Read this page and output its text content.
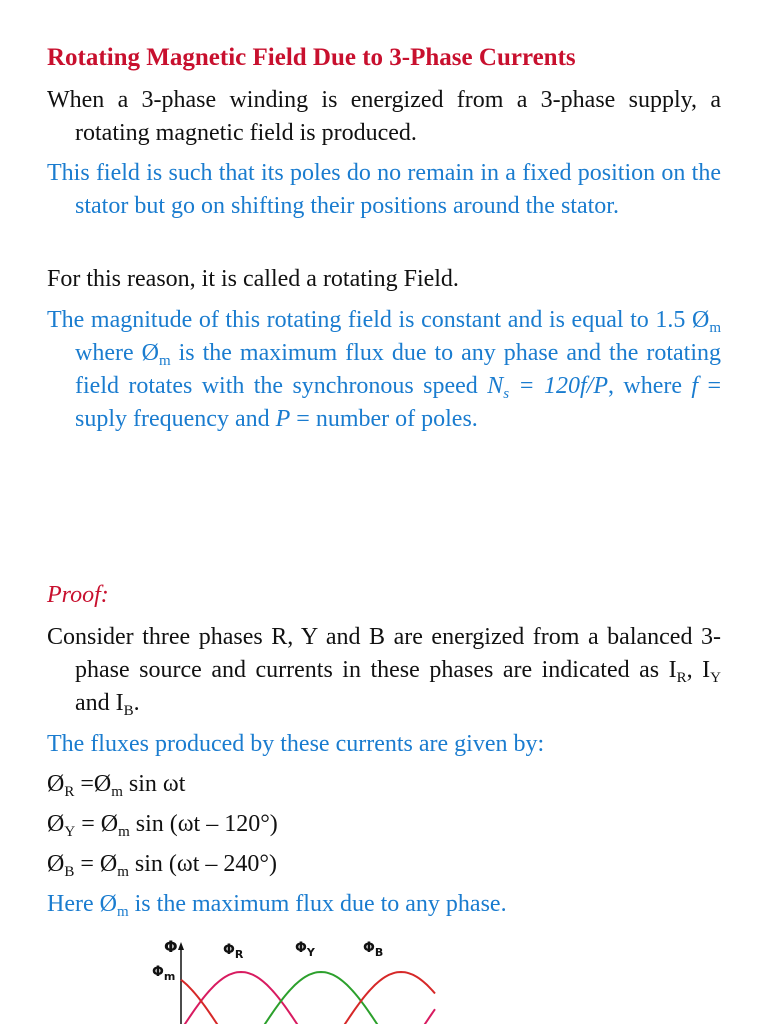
Rotating Magnetic Field Due to 3-Phase Currents
When a 3-phase winding is energized from a 3-phase supply, a rotating magnetic field is produced.
This field is such that its poles do no remain in a fixed position on the stator but go on shifting their positions around the stator.
For this reason, it is called a rotating Field.
The magnitude of this rotating field is constant and is equal to 1.5 $Ø_m$ where $Ø_m$ is the maximum flux due to any phase and the rotating field rotates with the synchronous speed $N_s = 120f/P$, where f = suply frequency and P = number of poles.
Proof:
Consider three phases R, Y and B are energized from a balanced 3-phase source and currents in these phases are indicated as $I_R$, $I_Y$ and $I_B$.
The fluxes produced by these currents are given by:
$Ø_R$ $=Ø_m$ sin ωt
$Ø_Y$ = $Ø_m$ sin (ωt – 120°)
$Ø_B$ = $Ø_m$ sin (ωt – 240°)
Here $Ø_m$ is the maximum flux due to any phase.
Φ
$\Phi_m$
$\Phi_R$	$\Phi_Y$	$\Phi_B$
